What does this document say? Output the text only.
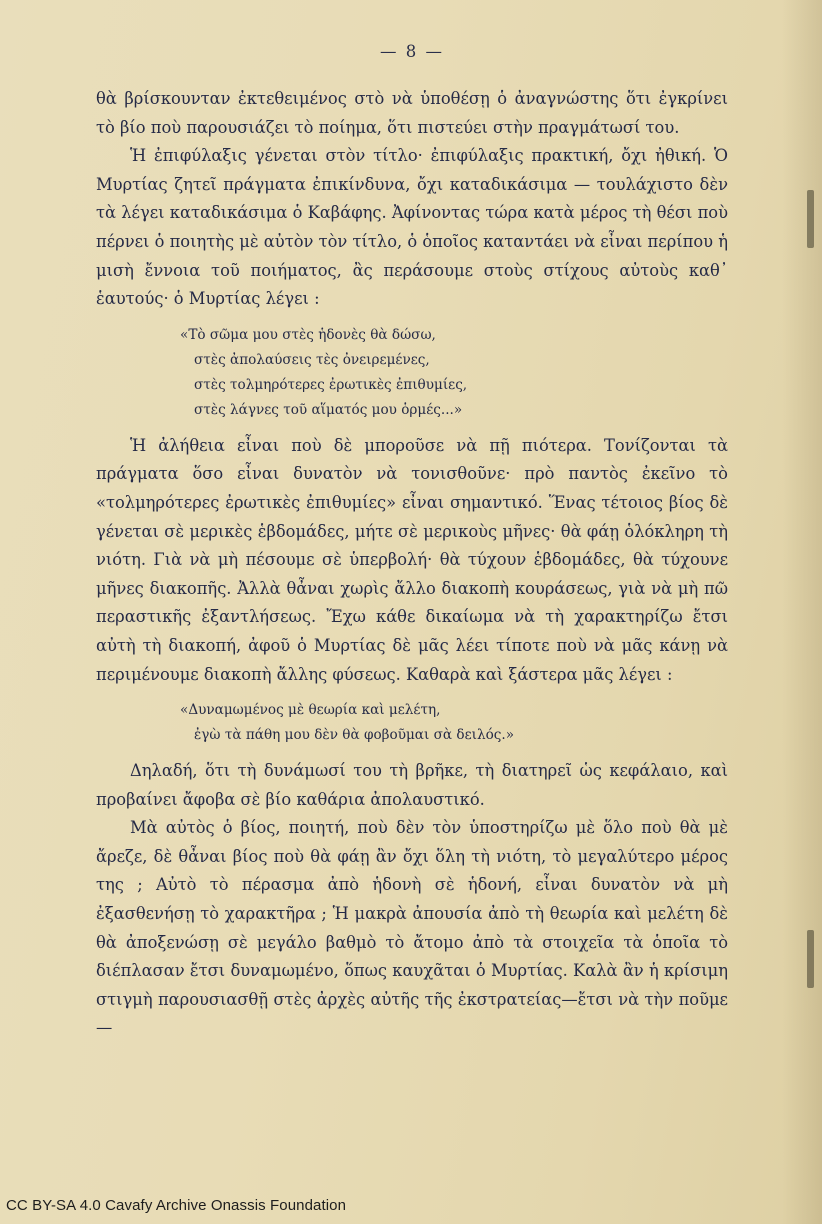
— 8 —

θὰ βρίσκουνταν ἐκτεθειμένος στὸ νὰ ὑποθέσῃ ὁ ἀναγνώστης ὅτι ἐγκρίνει τὸ βίο ποὺ παρουσιάζει τὸ ποίημα, ὅτι πιστεύει στὴν πραγμάτωσί του.

Ἡ ἐπιφύλαξις γένεται στὸν τίτλο· ἐπιφύλαξις πρακτική, ὄχι ἠθική. Ὁ Μυρτίας ζητεῖ πράγματα ἐπικίνδυνα, ὄχι καταδικάσιμα — τουλάχιστο δὲν τὰ λέγει καταδικάσιμα ὁ Καβάφης. Ἀφίνοντας τώρα κατὰ μέρος τὴ θέσι ποὺ πέρνει ὁ ποιητὴς μὲ αὐτὸν τὸν τίτλο, ὁ ὁποῖος καταντάει νὰ εἶναι περίπου ἡ μισὴ ἔννοια τοῦ ποιήματος, ἂς περάσουμε στοὺς στίχους αὐτοὺς καθ᾿ ἑαυτούς· ὁ Μυρτίας λέγει :

«Τὸ σῶμα μου στὲς ἡδονὲς θὰ δώσω,
στὲς ἀπολαύσεις τὲς ὀνειρεμένες,
στὲς τολμηρότερες ἐρωτικὲς ἐπιθυμίες,
στὲς λάγνες τοῦ αἵματός μου ὁρμές...»

Ἡ ἀλήθεια εἶναι ποὺ δὲ μποροῦσε νὰ πῇ πιότερα. Τονίζονται τὰ πράγματα ὅσο εἶναι δυνατὸν νὰ τονισθοῦνε· πρὸ παντὸς ἐκεῖνο τὸ «τολμηρότερες ἐρωτικὲς ἐπιθυμίες» εἶναι σημαντικό. Ἕνας τέτοιος βίος δὲ γένεται σὲ μερικὲς ἑβδομάδες, μήτε σὲ μερικοὺς μῆνες· θὰ φάῃ ὁλόκληρη τὴ νιότη. Γιὰ νὰ μὴ πέσουμε σὲ ὑπερβολή· θὰ τύχουν ἑβδομάδες, θὰ τύχουνε μῆνες διακοπῆς. Ἀλλὰ θἆναι χωρὶς ἄλλο διακοπὴ κουράσεως, γιὰ νὰ μὴ πῶ περαστικῆς ἐξαντλήσεως. Ἔχω κάθε δικαίωμα νὰ τὴ χαρακτηρίζω ἔτσι αὐτὴ τὴ διακοπή, ἀφοῦ ὁ Μυρτίας δὲ μᾶς λέει τίποτε ποὺ νὰ μᾶς κάνῃ νὰ περιμένουμε διακοπὴ ἄλλης φύσεως. Καθαρὰ καὶ ξάστερα μᾶς λέγει :

«Δυναμωμένος μὲ θεωρία καὶ μελέτη,
ἐγὼ τὰ πάθη μου δὲν θὰ φοβοῦμαι σὰ δειλός.»

Δηλαδή, ὅτι τὴ δυνάμωσί του τὴ βρῆκε, τὴ διατηρεῖ ὡς κεφάλαιο, καὶ προβαίνει ἄφοβα σὲ βίο καθάρια ἀπολαυστικό.

Μὰ αὐτὸς ὁ βίος, ποιητή, ποὺ δὲν τὸν ὑποστηρίζω μὲ ὅλο ποὺ θὰ μὲ ἄρεζε, δὲ θἆναι βίος ποὺ θὰ φάῃ ἂν ὄχι ὅλη τὴ νιότη, τὸ μεγαλύτερο μέρος της ; Αὐτὸ τὸ πέρασμα ἀπὸ ἡδονὴ σὲ ἡδονή, εἶναι δυνατὸν νὰ μὴ ἐξασθενήσῃ τὸ χαρακτῆρα ; Ἡ μακρὰ ἀπουσία ἀπὸ τὴ θεωρία καὶ μελέτη δὲ θὰ ἀποξενώσῃ σὲ μεγάλο βαθμὸ τὸ ἄτομο ἀπὸ τὰ στοιχεῖα τὰ ὁποῖα τὸ διέπλασαν ἔτσι δυναμωμένο, ὅπως καυχᾶται ὁ Μυρτίας. Καλὰ ἂν ἡ κρίσιμη στιγμὴ παρουσιασθῇ στὲς ἀρχὲς αὐτῆς τῆς ἐκστρατείας—ἔτσι νὰ τὴν ποῦμε—

CC BY-SA 4.0 Cavafy Archive Onassis Foundation
